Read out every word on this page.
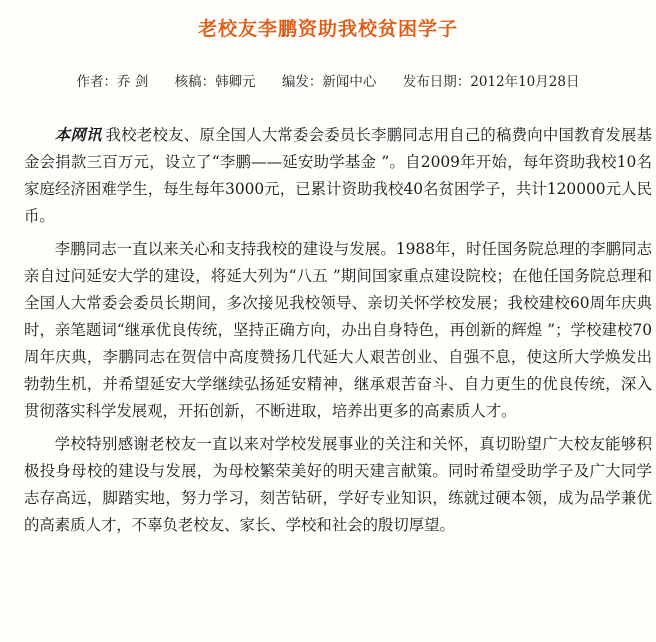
老校友李鹏资助我校贫困学子
作者：乔 剑 核稿：韩卿元 编发：新闻中心 发布日期：2012年10月28日

本网讯 我校老校友、原全国人大常委会委员长李鹏同志用自己的稿费向中国教育发展基金会捐款三百万元，设立了“李鹏——延安助学基金 ”。自2009年开始，每年资助我校10名家庭经济困难学生，每生每年3000元，已累计资助我校40名贫困学子，共计120000元人民币。

李鹏同志一直以来关心和支持我校的建设与发展。1988年，时任国务院总理的李鹏同志亲自过问延安大学的建设，将延大列为“八五 ”期间国家重点建设院校；在他任国务院总理和全国人大常委会委员长期间，多次接见我校领导、亲切关怀学校发展；我校建校60周年庆典时，亲笔题词“继承优良传统，坚持正确方向，办出自身特色，再创新的辉煌 ”；学校建校70周年庆典，李鹏同志在贺信中高度赞扬几代延大人艰苦创业、自强不息，使这所大学焕发出勃勃生机，并希望延安大学继续弘扬延安精神，继承艰苦奋斗、自力更生的优良传统，深入贯彻落实科学发展观，开拓创新，不断进取，培养出更多的高素质人才。

学校特别感谢老校友一直以来对学校发展事业的关注和关怀，真切盼望广大校友能够积极投身母校的建设与发展，为母校繁荣美好的明天建言献策。同时希望受助学子及广大同学志存高远，脚踏实地，努力学习，刻苦钻研，学好专业知识，练就过硬本领，成为品学兼优的高素质人才，不辜负老校友、家长、学校和社会的殷切厚望。
